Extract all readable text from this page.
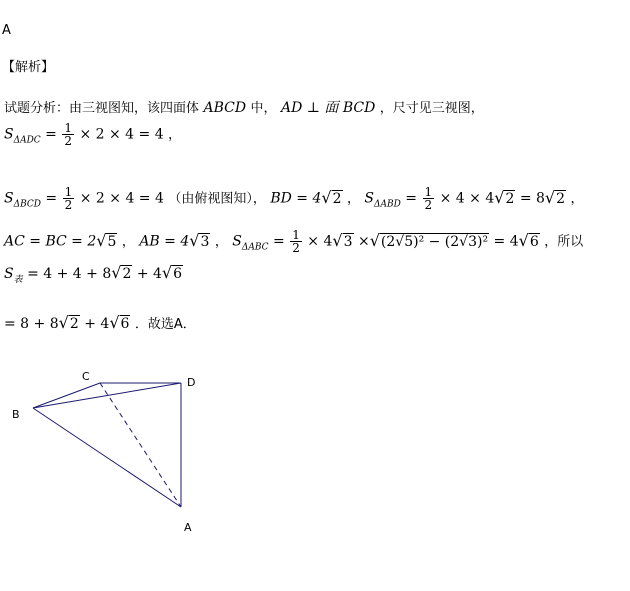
A
【解析】
试题分析：由三视图知，该四面体 ABCD 中， AD ⊥ 面 BCD ，尺寸见三视图，
$S_{\Delta ADC} = \frac{1}{2} \times 2 \times 4 = 4$ ，
$S_{\Delta BCD} = \frac{1}{2} \times 2 \times 4 = 4$ （由俯视图知）， BD = 4√2 ， $S_{\Delta ABD} = \frac{1}{2} \times 4 \times 4√2 = 8√2$ ，
AC = BC = 2√5 ， AB = 4√3 ， $S_{\Delta ABC} = \frac{1}{2} \times 4√3 \times√(2√5)^2 - (2√3)^2 = 4√6$ ，所以
$S_表 = 4 + 4 + 8√2 + 4√6$
= 8 + 8√2 + 4√6 ．故选A．
C	D
B
A
